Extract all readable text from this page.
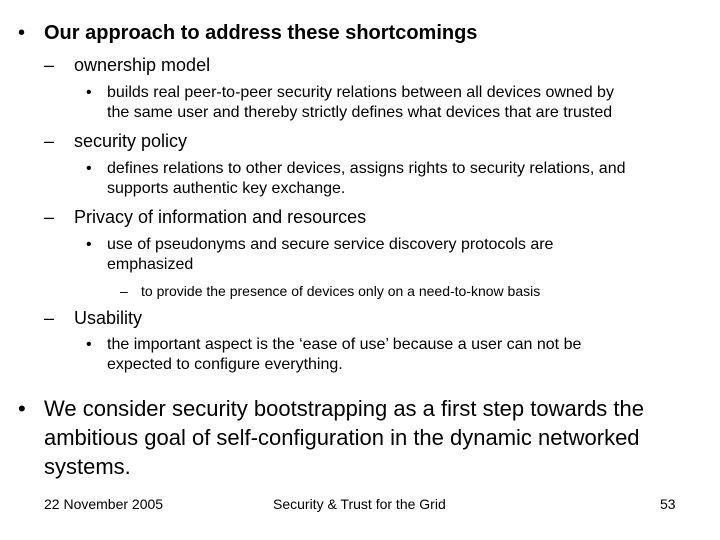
• Our approach to address these shortcomings
– ownership model
• builds real peer-to-peer security relations between all devices owned by
the same user and thereby strictly defines what devices that are trusted
– security policy
• defines relations to other devices, assigns rights to security relations, and
supports authentic key exchange.
– Privacy of information and resources
• use of pseudonyms and secure service discovery protocols are
emphasized
– to provide the presence of devices only on a need-to-know basis
– Usability
• the important aspect is the ‘ease of use’ because a user can not be
expected to configure everything.
• We consider security bootstrapping as a first step towards the
ambitious goal of self-configuration in the dynamic networked
systems.
22 November 2005	Security & Trust for the Grid	53
